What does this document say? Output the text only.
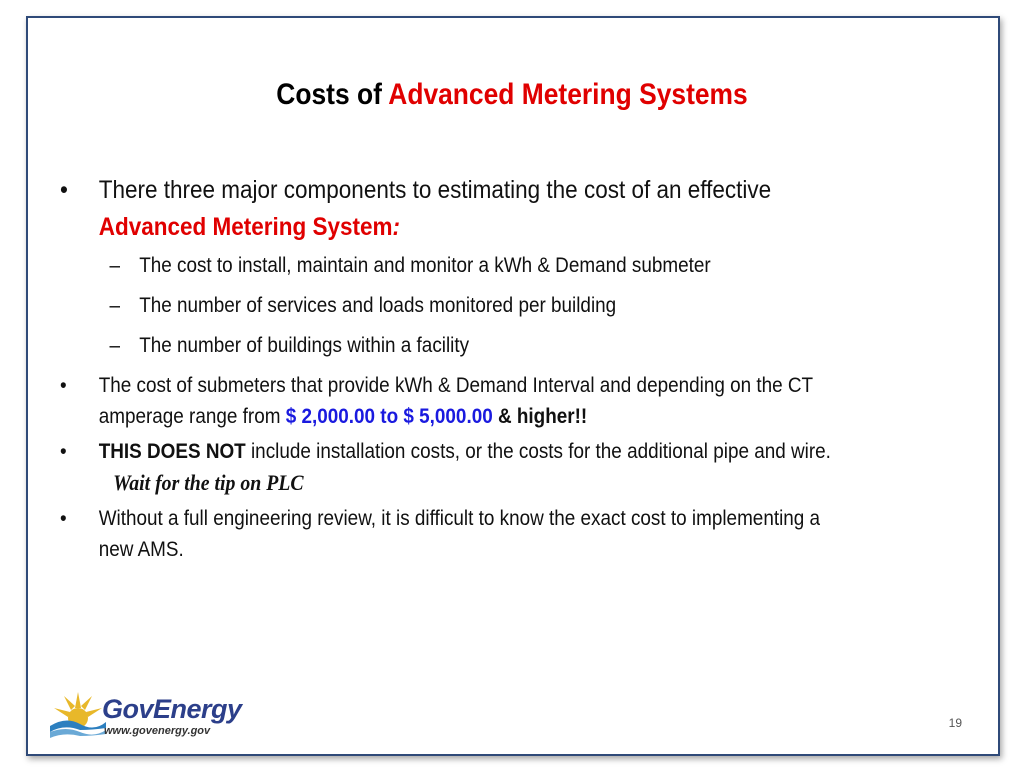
Costs of Advanced Metering Systems
• There three major components to estimating the cost of an effective Advanced Metering System:
– The cost to install, maintain and monitor a kWh & Demand submeter
– The number of services and loads monitored per building
– The number of buildings within a facility
• The cost of submeters that provide kWh & Demand Interval and depending on the CT amperage range from $ 2,000.00 to $ 5,000.00 & higher!!
• THIS DOES NOT include installation costs, or the costs for the additional pipe and wire. Wait for the tip on PLC
• Without a full engineering review, it is difficult to know the exact cost to implementing a new AMS.
GovEnergy
www.govenergy.gov
19
